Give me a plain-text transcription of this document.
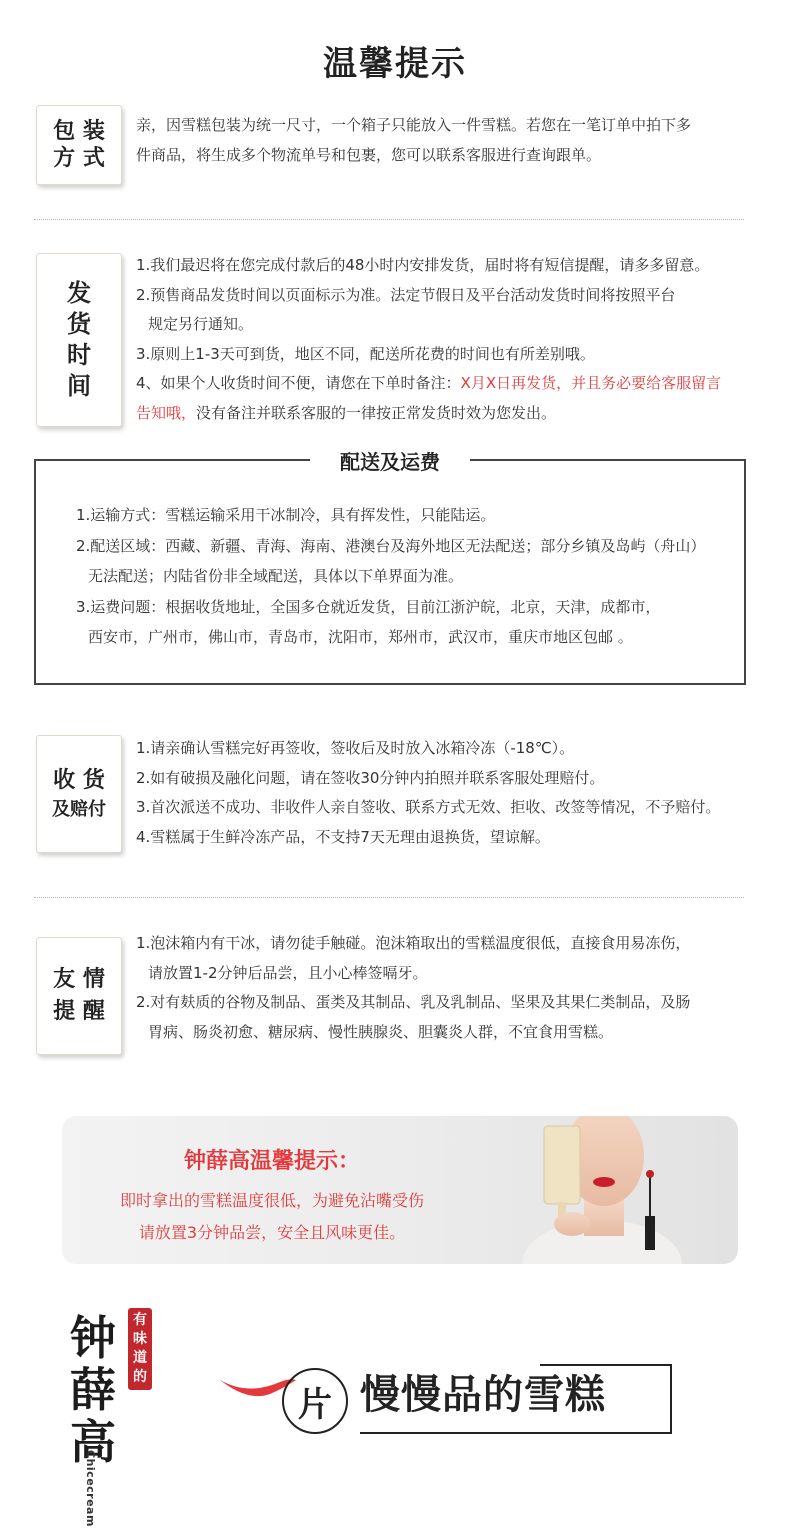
温馨提示
包 装
方 式

亲，因雪糕包装为统一尺寸，一个箱子只能放入一件雪糕。若您在一笔订单中拍下多

件商品，将生成多个物流单号和包裹，您可以联系客服进行查询跟单。

发
货
时
间

1.我们最迟将在您完成付款后的48小时内安排发货，届时将有短信提醒，请多多留意。

2.预售商品发货时间以页面标示为准。法定节假日及平台活动发货时间将按照平台

规定另行通知。

3.原则上1-3天可到货，地区不同，配送所花费的时间也有所差别哦。

4、如果个人收货时间不便，请您在下单时备注：X月X日再发货，并且务必要给客服留言

告知哦，没有备注并联系客服的一律按正常发货时效为您发出。

配送及运费

1.运输方式：雪糕运输采用干冰制冷，具有挥发性，只能陆运。

2.配送区域：西藏、新疆、青海、海南、港澳台及海外地区无法配送；部分乡镇及岛屿（舟山）

无法配送；内陆省份非全域配送，具体以下单界面为准。

3.运费问题：根据收货地址，全国多仓就近发货，目前江浙沪皖，北京，天津，成都市，

西安市，广州市，佛山市，青岛市，沈阳市，郑州市，武汉市，重庆市地区包邮 。

收 货
及赔付

1.请亲确认雪糕完好再签收，签收后及时放入冰箱冷冻（-18℃）。

2.如有破损及融化问题，请在签收30分钟内拍照并联系客服处理赔付。

3.首次派送不成功、非收件人亲自签收、联系方式无效、拒收、改签等情况，不予赔付。

4.雪糕属于生鲜冷冻产品，不支持7天无理由退换货，望谅解。

友 情
提 醒

1.泡沫箱内有干冰，请勿徒手触碰。泡沫箱取出的雪糕温度很低，直接食用易冻伤，

请放置1-2分钟后品尝，且小心棒签嗝牙。

2.对有麸质的谷物及制品、蛋类及其制品、乳及乳制品、坚果及其果仁类制品，及肠

胃病、肠炎初愈、糖尿病、慢性胰腺炎、胆囊炎人群，不宜食用雪糕。

钟薛高温馨提示：
即时拿出的雪糕温度很低，为避免沾嘴受伤
请放置3分钟品尝，安全且风味更佳。
钟
薛
高
有
味
道
的
Chicecream
片 慢慢品的雪糕
